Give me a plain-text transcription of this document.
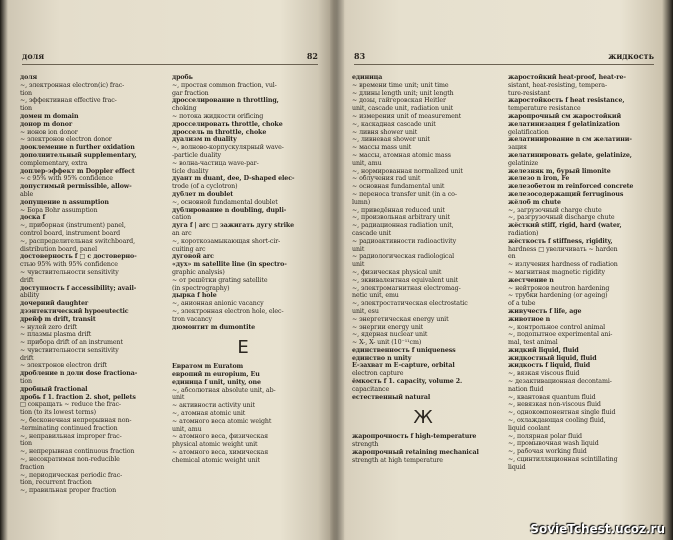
доля	82
доля
~, электронная electron(ic) frac-
tion
~, эффективная effective frac-
tion
домен m domain
донор m donor
~ ионов ion donor
~ электронов electron donor
дооклемение n further oxidation
дополнительный supplementary,
complementary, extra
доплер-эффект m Doppler effect
~ с 95% with 95% confidence
допустимый permissible, allow-
able
допущение n assumption
~ Бора Bohr assumption
доска f
~, приборная (instrument) panel,
control board, instrument board
~, распределительная switchboard,
distribution board, panel
достоверность f □ с достоверно-
стью 95% with 95% confidence
~ чувствительности sensitivity
drift
доступность f accessibility; avail-
ability
дочерний daughter
дээнтектический hypoeutectic
дрейф m drift, transit
~ нулей zero drift
~ плазмы plasma drift
~ прибора drift of an instrument
~ чувствительности sensitivity
drift
~ электронов electron drift
дробление n доли dose fractiona-
tion
дробный fractional
дробь f 1. fraction 2. shot, pellets
□ сокращать ~ reduce the frac-
tion (to its lowest terms)
~, бесконечная непрерывная non-
-terminating continued fraction
~, неправильная improper frac-
tion
~, непрерывная continuous fraction
~, несократимая non-reducible
fraction
~, периодическая periodic frac-
tion, recurrent fraction
~, правильная proper fraction
дробь
~, простая common fraction, vul-
gar fraction
дросселирование n throttling,
choking
~ потока жидкости orificing
дросселировать throttle, choke
дроссель m throttle, choke
дуализм m duality
~, волново-корпускулярный wave-
-particle duality
~ волна-частица wave-par-
ticle duality
дуант m duant, dee, D-shaped elec-
trode (of a cyclotron)
дублет m doublet
~, основной fundamental doublet
дублирование n doubling, dupli-
cation
дуга f | arc □ зажигать дугу strike
an arc
~, короткозамыкающая short-cir-
cuiting arc
дуговой arc
«дух» m satellite line (in spectro-
graphic analysis)
~ от решётки grating satellite
(in spectrography)
дырка f hole
~, анионная anionic vacancy
~, электронная electron hole, elec-
tron vacancy
дюмонтит m dumontite
Е
Евратом m Euratom
европий m europium, Eu
единица f unit, unity, one
~, абсолютная absolute unit, ab-
unit
~ активности activity unit
~, атомная atomic unit
~ атомного веса atomic weight
unit, amu
~ атомного веса, физическая
physical atomic weight unit
~ атомного веса, химическая
chemical atomic weight unit
83	жидкость
единица
~ времени time unit; unit time
~ длины length unit; unit length
~ дозы, гайгеровская Heitler
unit, cascade unit, radiation unit
~ измерения unit of measurement
~, каскадная cascade unit
~ ливня shower unit
~, ливневая shower unit
~ массы mass unit
~ массы, атомная atomic mass
unit, amu
~, нормированная normalized unit
~ облучения rad unit
~ основная fundamental unit
~ переноса transfer unit (in a co-
lumn)
~, приведённая reduced unit
~, произвольная arbitrary unit
~, радиационная radiation unit,
cascade unit
~ радиоактивности radioactivity
unit
~ радиологическая radiological
unit
~, физическая physical unit
~, эквивалентная equivalent unit
~, электромагнитная electromag-
netic unit, emu
~, электростатическая electrostatic
unit, esu
~ энергетическая energy unit
~ энергии energy unit
~, ядерная nuclear unit
~ X-, X- unit (10⁻¹¹cm)
единственность f uniqueness
единство n unity
E-захват m E-capture, orbital
electron capture
ёмкость f 1. capacity, volume 2.
capacitance
естественный natural
Ж
жаропрочность f high-temperature
strength
жаропрочный retaining mechanical
strength at high temperature
жаростойкий heat-proof, heat-re-
sistant, heat-resisting, tempera-
ture-resistant
жаростойкость f heat resistance,
temperature resistance
жаропрочный см жаростойкий
желатинизация f gelatinization
gelatification
желатинирование n см желатини-
зация
желатинировать gelate, gelatinize,
gelatinize
железняк m, бурый limonite
железо n iron, Fe
железобетон m reinforced concrete
железосодержащий ferruginous
жёлоб m chute
~, загрузочный charge chute
~, разгрузочный discharge chute
жёсткий stiff, rigid, hard (water,
radiation)
жёсткость f stiffness, rigidity,
hardness □ увеличивать ~ harden
en
~ излучения hardness of radiation
~ магнитная magnetic rigidity
жестчение n
~ нейтронов neutron hardening
~ трубки hardening (or ageing)
of a tube
живучесть f life, age
животное n
~, контрольное control animal
~, подопытное experimental ani-
mal, test animal
жидкий liquid, fluid
жидкостный liquid, fluid
жидкость f liquid, fluid
~, вязкая viscous fluid
~ дезактивационная decontami-
nation fluid
~, квантовая quantum fluid
~, невязкая non-viscous fluid
~, однокомпонентная single fluid
~, охлаждающая cooling fluid,
liquid coolant
~, полярная polar fluid
~, промывочная wash liquid
~, рабочая working fluid
~, сцинтилляционная scintillating
liquid
SovieTchest.ucoz.ru
